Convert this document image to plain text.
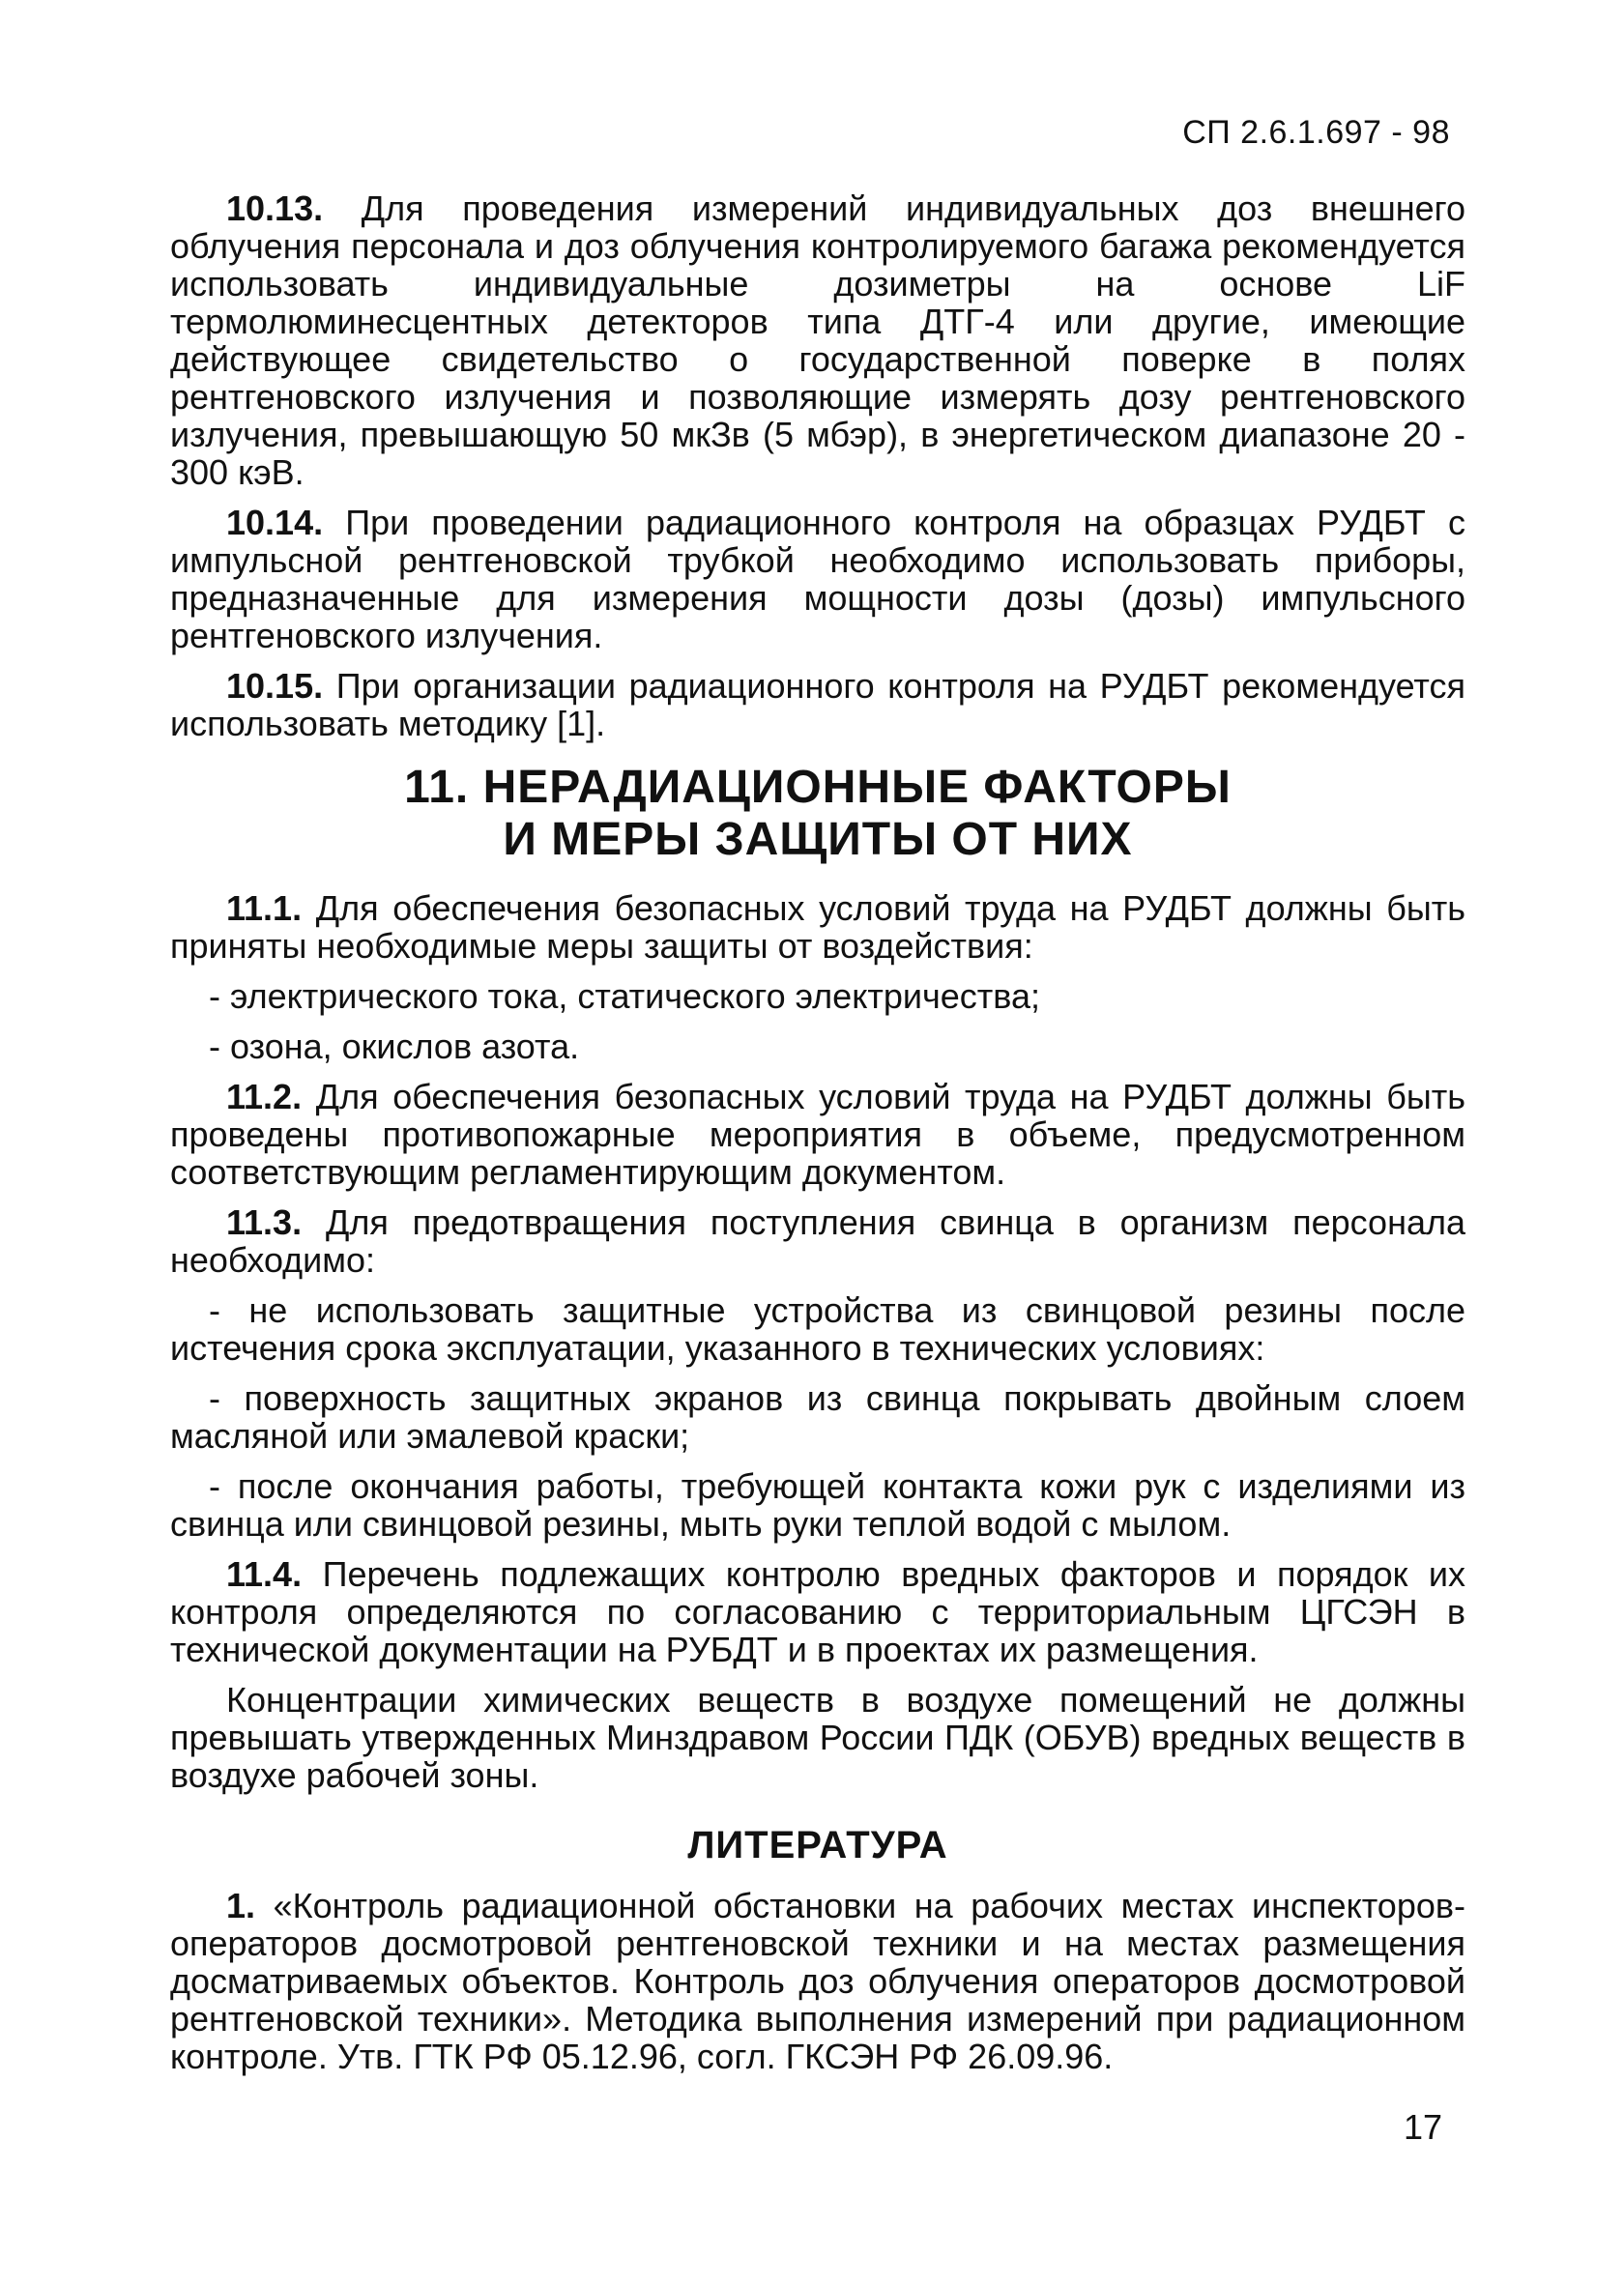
СП 2.6.1.697 - 98

10.13. Для проведения измерений индивидуальных доз внешнего облучения персонала и доз облучения контролируемого багажа рекомендуется использовать индивидуальные дозиметры на основе LiF термолюминесцентных детекторов типа ДТГ-4 или другие, имеющие действующее свидетельство о государственной поверке в полях рентгеновского излучения и позволяющие измерять дозу рентгеновского излучения, превышающую 50 мкЗв (5 мбэр), в энергетическом диапазоне 20 - 300 кэВ.

10.14. При проведении радиационного контроля на образцах РУДБТ с импульсной рентгеновской трубкой необходимо использовать приборы, предназначенные для измерения мощности дозы (дозы) импульсного рентгеновского излучения.

10.15. При организации радиационного контроля на РУДБТ рекомендуется использовать методику [1].

11. НЕРАДИАЦИОННЫЕ ФАКТОРЫ
И МЕРЫ ЗАЩИТЫ ОТ НИХ

11.1. Для обеспечения безопасных условий труда на РУДБТ должны быть приняты необходимые меры защиты от воздействия:

- электрического тока, статического электричества;

- озона, окислов азота.

11.2. Для обеспечения безопасных условий труда на РУДБТ должны быть проведены противопожарные мероприятия в объеме, предусмотренном соответствующим регламентирующим документом.

11.3. Для предотвращения поступления свинца в организм персонала необходимо:

- не использовать защитные устройства из свинцовой резины после истечения срока эксплуатации, указанного в технических условиях:

- поверхность защитных экранов из свинца покрывать двойным слоем масляной или эмалевой краски;

- после окончания работы, требующей контакта кожи рук с изделиями из свинца или свинцовой резины, мыть руки теплой водой с мылом.

11.4. Перечень подлежащих контролю вредных факторов и порядок их контроля определяются по согласованию с территориальным ЦГСЭН в технической документации на РУБДТ и в проектах их размещения.

Концентрации химических веществ в воздухе помещений не должны превышать утвержденных Минздравом России ПДК (ОБУВ) вредных веществ в воздухе рабочей зоны.

ЛИТЕРАТУРА

1. «Контроль радиационной обстановки на рабочих местах инспекторов-операторов досмотровой рентгеновской техники и на местах размещения досматриваемых объектов. Контроль доз облучения операторов досмотровой рентгеновской техники». Методика выполнения измерений при радиационном контроле. Утв. ГТК РФ 05.12.96, согл. ГКСЭН РФ 26.09.96.

17
